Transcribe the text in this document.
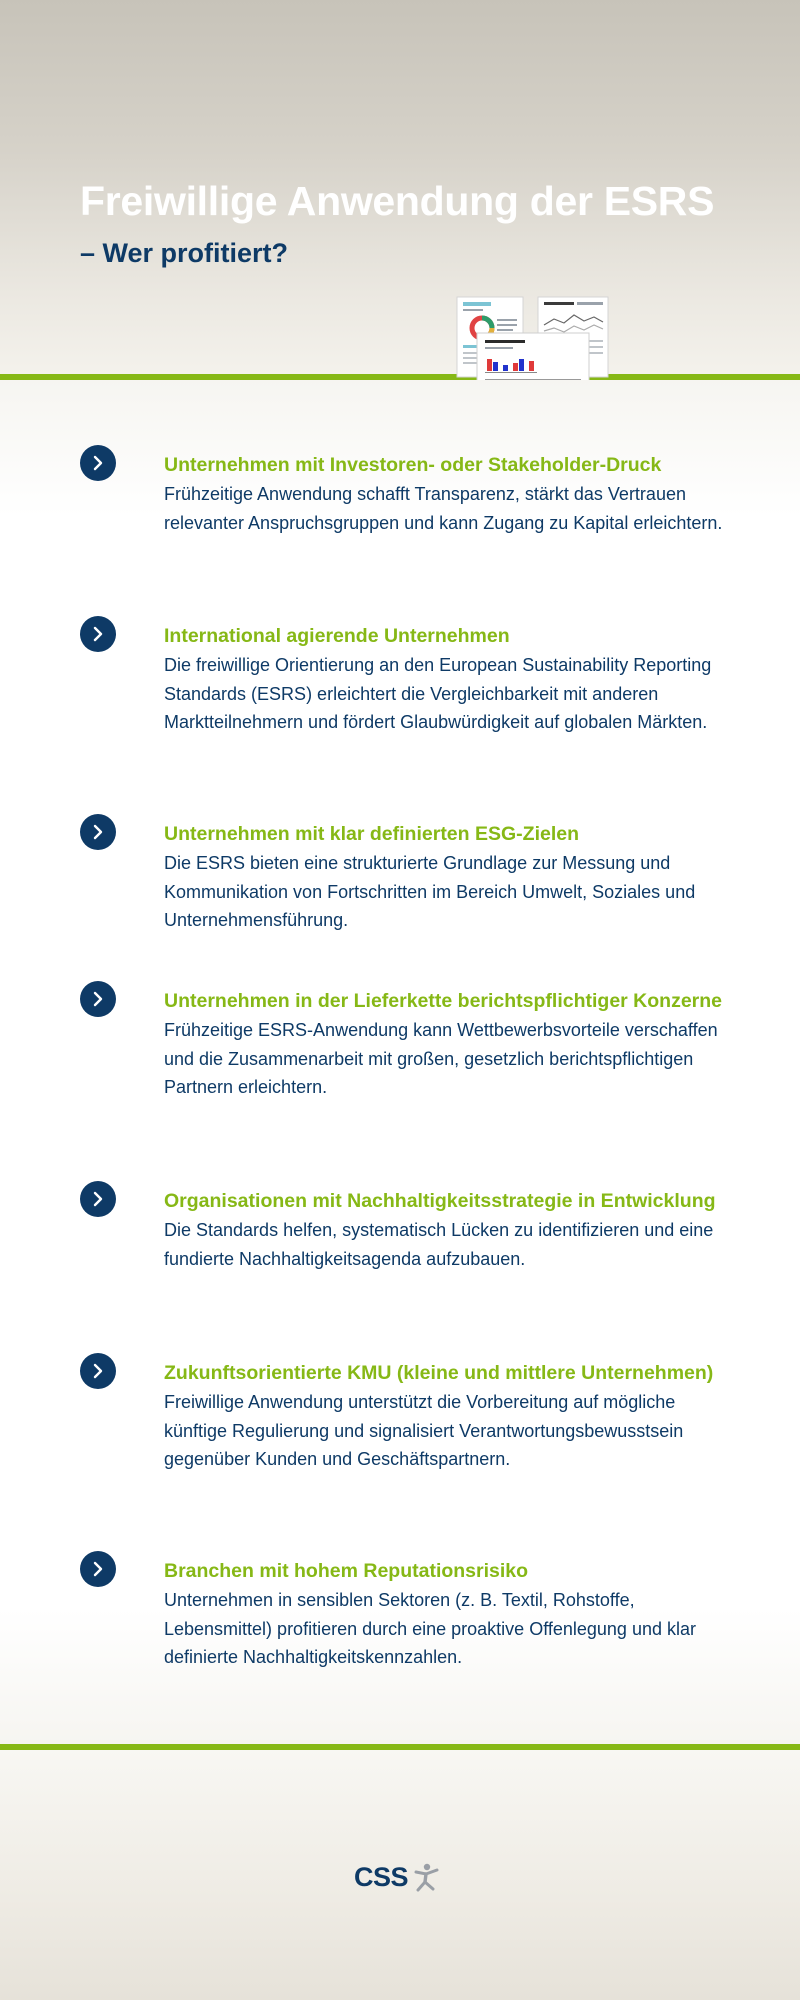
Freiwillige Anwendung der ESRS
– Wer profitiert?
Unternehmen mit Investoren- oder Stakeholder-Druck
Frühzeitige Anwendung schafft Transparenz, stärkt das Vertrauen relevanter Anspruchsgruppen und kann Zugang zu Kapital erleichtern.
International agierende Unternehmen
Die freiwillige Orientierung an den European Sustainability Reporting Standards (ESRS) erleichtert die Vergleichbarkeit mit anderen Marktteilnehmern und fördert Glaubwürdigkeit auf globalen Märkten.
Unternehmen mit klar definierten ESG-Zielen
Die ESRS bieten eine strukturierte Grundlage zur Messung und Kommunikation von Fortschritten im Bereich Umwelt, Soziales und Unternehmensführung.
Unternehmen in der Lieferkette berichtspflichtiger Konzerne
Frühzeitige ESRS-Anwendung kann Wettbewerbsvorteile verschaffen und die Zusammenarbeit mit großen, gesetzlich berichtspflichtigen Partnern erleichtern.
Organisationen mit Nachhaltigkeitsstrategie in Entwicklung
Die Standards helfen, systematisch Lücken zu identifizieren und eine fundierte Nachhaltigkeitsagenda aufzubauen.
Zukunftsorientierte KMU (kleine und mittlere Unternehmen)
Freiwillige Anwendung unterstützt die Vorbereitung auf mögliche künftige Regulierung und signalisiert Verantwortungsbewusstsein gegenüber Kunden und Geschäftspartnern.
Branchen mit hohem Reputationsrisiko
Unternehmen in sensiblen Sektoren (z. B. Textil, Rohstoffe, Lebensmittel) profitieren durch eine proaktive Offenlegung und klar definierte Nachhaltigkeitskennzahlen.
CSS
